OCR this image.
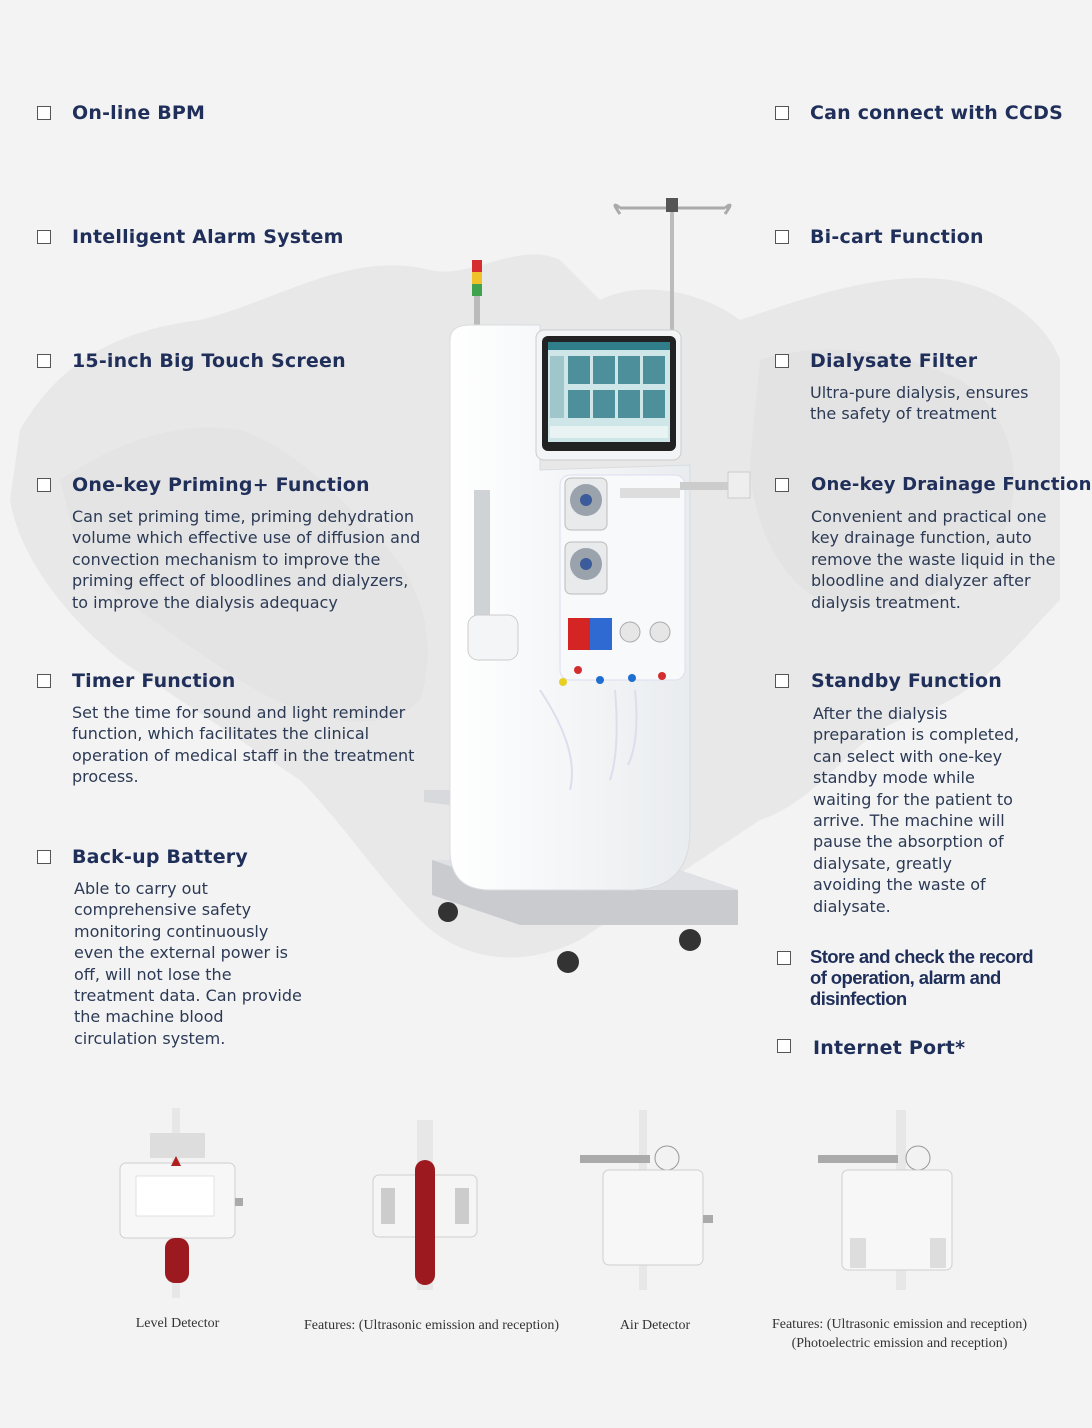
On-line BPM
Intelligent Alarm System
15-inch Big Touch Screen
One-key Priming+ Function
Can set priming time, priming dehydration volume which effective use of diffusion and convection mechanism to improve the priming effect of bloodlines and dialyzers, to improve the dialysis adequacy
Timer Function
Set the time for sound and light reminder function, which facilitates the clinical operation of medical staff in the treatment process.
Back-up Battery
Able to carry out comprehensive safety monitoring continuously even the external power is off, will not lose the treatment data. Can provide the machine blood circulation system.
Can connect with CCDS
Bi-cart Function
Dialysate Filter
Ultra-pure dialysis, ensures the safety of treatment
One-key Drainage Function
Convenient and practical one key drainage function, auto remove the waste liquid in the bloodline and dialyzer after dialysis treatment.
Standby Function
After the dialysis preparation is completed, can select with one-key standby mode while waiting for the patient to arrive. The machine will pause the absorption of dialysate, greatly avoiding the waste of dialysate.
Store and check the record of operation, alarm and disinfection
Internet Port*
Level Detector	Features: (Ultrasonic emission and reception)	Air Detector	Features: (Ultrasonic emission and reception)
(Photoelectric emission and reception)
